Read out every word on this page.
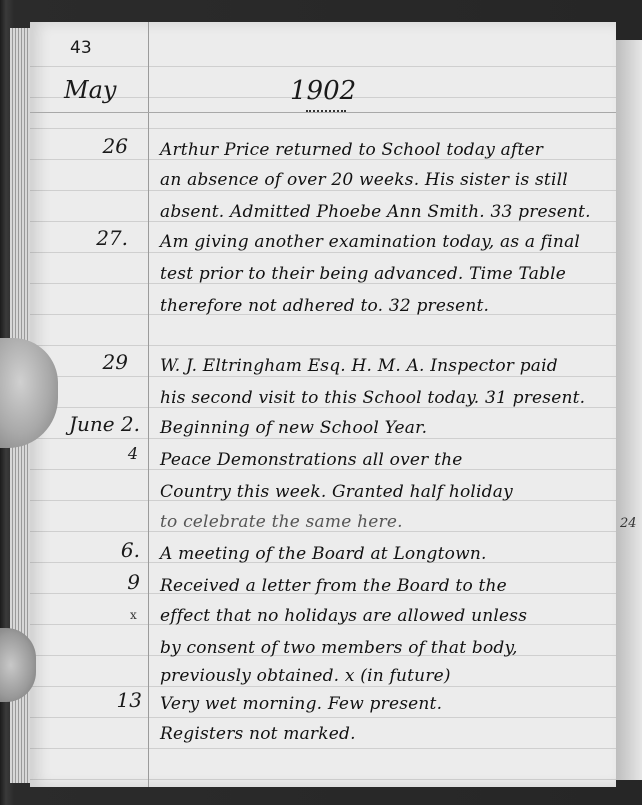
24
43
May	1902
26 Arthur Price returned to School today after
an absence of over 20 weeks. His sister is still
absent. Admitted Phoebe Ann Smith. 33 present.
27. Am giving another examination today, as a final
test prior to their being advanced. Time Table
therefore not adhered to. 32 present.
29 W. J. Eltringham Esq. H. M. A. Inspector paid
his second visit to this School today. 31 present.
June 2. Beginning of new School Year.
4 Peace Demonstrations all over the
Country this week. Granted half holiday
to celebrate the same here.
6. A meeting of the Board at Longtown.
9 Received a letter from the Board to the
x effect that no holidays are allowed unless
by consent of two members of that body,
previously obtained. x (in future)
13 Very wet morning. Few present.
Registers not marked.
